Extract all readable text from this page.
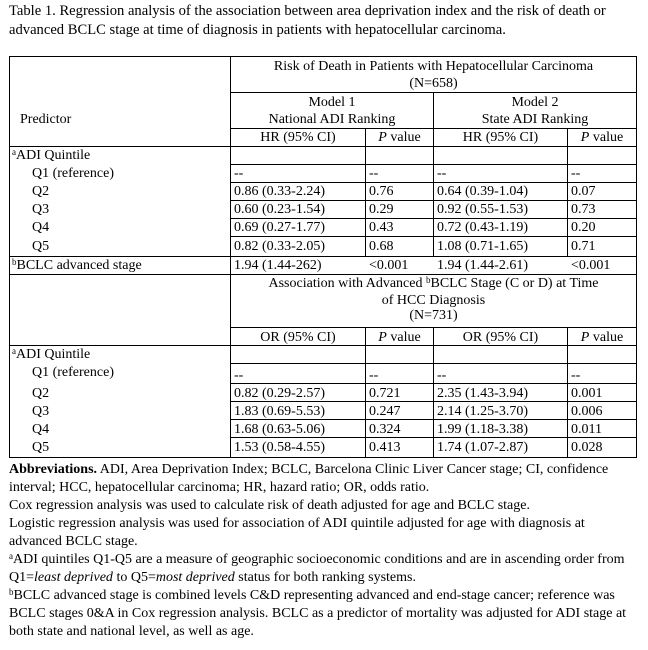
Table 1. Regression analysis of the association between area deprivation index and the risk of death or advanced BCLC stage at time of diagnosis in patients with hepatocellular carcinoma.
Risk of Death in Patients with Hepatocellular Carcinoma
(N=658)
Predictor
Model 1
National ADI Ranking
Model 2
State ADI Ranking
HR (95% CI)	P value	HR (95% CI)	P value
$^a$ADI Quintile
Q1 (reference)	--	--	--	--
Q2	0.86 (0.33-2.24)	0.76	0.64 (0.39-1.04)	0.07
Q3	0.60 (0.23-1.54)	0.29	0.92 (0.55-1.53)	0.73
Q4	0.69 (0.27-1.77)	0.43	0.72 (0.43-1.19)	0.20
Q5	0.82 (0.33-2.05)	0.68	1.08 (0.71-1.65)	0.71
$^b$BCLC advanced stage	1.94 (1.44-262)	<0.001 1.94 (1.44-2.61)	<0.001
Association with Advanced $^b$BCLC Stage (C or D) at Time
of HCC Diagnosis
(N=731)
OR (95% CI)	P value	OR (95% CI)	P value
$^a$ADI Quintile
Q1 (reference)	--	--	--	--
Q2	0.82 (0.29-2.57)	0.721	2.35 (1.43-3.94)	0.001
Q3	1.83 (0.69-5.53)	0.247	2.14 (1.25-3.70)	0.006
Q4	1.68 (0.63-5.06)	0.324	1.99 (1.18-3.38)	0.011
Q5	1.53 (0.58-4.55)	0.413	1.74 (1.07-2.87)	0.028

Abbreviations. ADI, Area Deprivation Index; BCLC, Barcelona Clinic Liver Cancer stage; CI, confidence interval; HCC, hepatocellular carcinoma; HR, hazard ratio; OR, odds ratio.

Cox regression analysis was used to calculate risk of death adjusted for age and BCLC stage.

Logistic regression analysis was used for association of ADI quintile adjusted for age with diagnosis at advanced BCLC stage.

$^a$ADI quintiles Q1-Q5 are a measure of geographic socioeconomic conditions and are in ascending order from Q1=least deprived to Q5=most deprived status for both ranking systems.

$^b$BCLC advanced stage is combined levels C&D representing advanced and end-stage cancer; reference was BCLC stages 0&A in Cox regression analysis. BCLC as a predictor of mortality was adjusted for ADI stage at both state and national level, as well as age.
